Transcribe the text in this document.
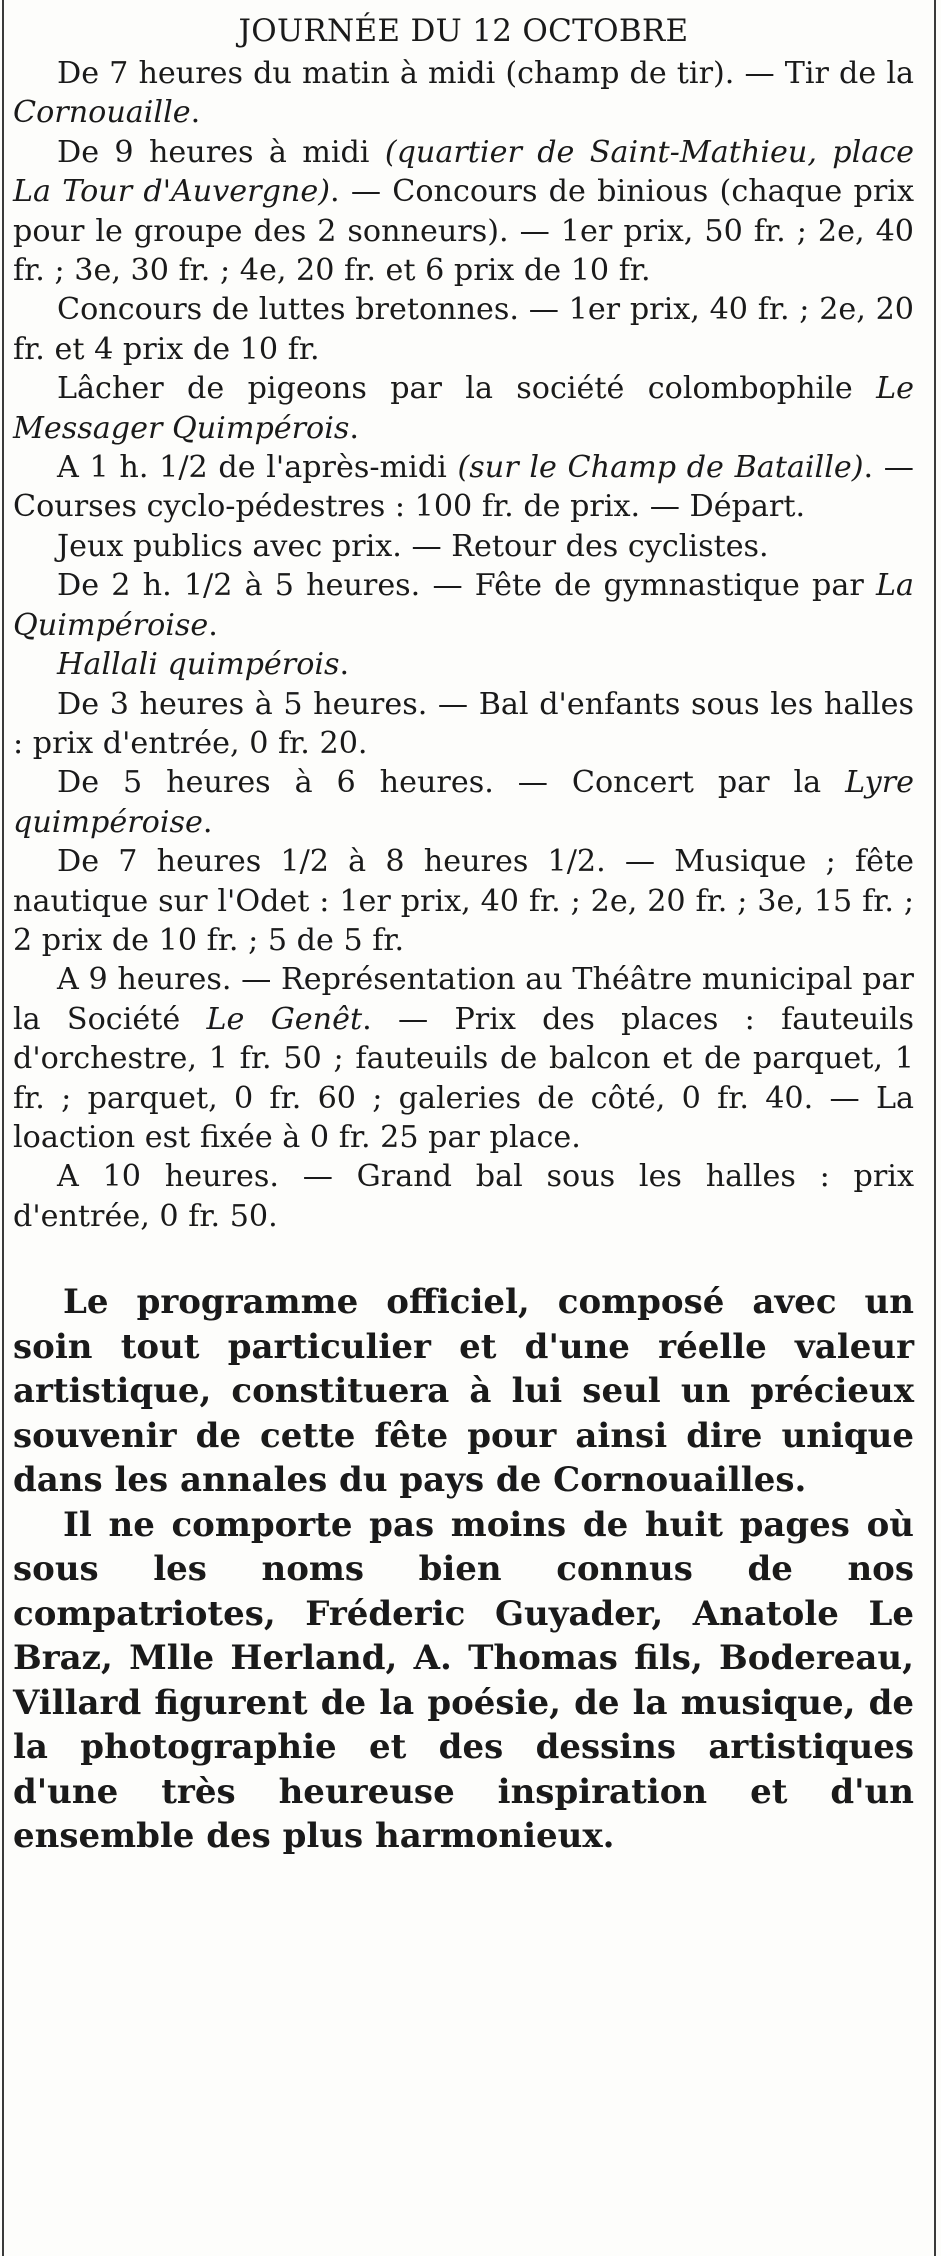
JOURNÉE DU 12 OCTOBRE

De 7 heures du matin à midi (champ de tir). — Tir de la Cornouaille.

De 9 heures à midi (quartier de Saint-Mathieu, place La Tour d'Auvergne). — Concours de binious (chaque prix pour le groupe des 2 sonneurs). — 1er prix, 50 fr. ; 2e, 40 fr. ; 3e, 30 fr. ; 4e, 20 fr. et 6 prix de 10 fr.

Concours de luttes bretonnes. — 1er prix, 40 fr. ; 2e, 20 fr. et 4 prix de 10 fr.

Lâcher de pigeons par la société colombophile Le Messager Quimpérois.

A 1 h. 1/2 de l'après-midi (sur le Champ de Bataille). — Courses cyclo-pédestres : 100 fr. de prix. — Départ.

Jeux publics avec prix. — Retour des cyclistes.

De 2 h. 1/2 à 5 heures. — Fête de gymnastique par La Quimpéroise.

Hallali quimpérois.

De 3 heures à 5 heures. — Bal d'enfants sous les halles : prix d'entrée, 0 fr. 20.

De 5 heures à 6 heures. — Concert par la Lyre quimpéroise.

De 7 heures 1/2 à 8 heures 1/2. — Musique ; fête nautique sur l'Odet : 1er prix, 40 fr. ; 2e, 20 fr. ; 3e, 15 fr. ; 2 prix de 10 fr. ; 5 de 5 fr.

A 9 heures. — Représentation au Théâtre municipal par la Société Le Genêt. — Prix des places : fauteuils d'orchestre, 1 fr. 50 ; fauteuils de balcon et de parquet, 1 fr. ; parquet, 0 fr. 60 ; galeries de côté, 0 fr. 40. — La loaction est fixée à 0 fr. 25 par place.

A 10 heures. — Grand bal sous les halles : prix d'entrée, 0 fr. 50.

Le programme officiel, composé avec un soin tout particulier et d'une réelle valeur artistique, constituera à lui seul un précieux souvenir de cette fête pour ainsi dire unique dans les annales du pays de Cornouailles.

Il ne comporte pas moins de huit pages où sous les noms bien connus de nos compatriotes, Fréderic Guyader, Anatole Le Braz, Mlle Herland, A. Thomas fils, Bodereau, Villard figurent de la poésie, de la musique, de la photographie et des dessins artistiques d'une très heureuse inspiration et d'un ensemble des plus harmonieux.
